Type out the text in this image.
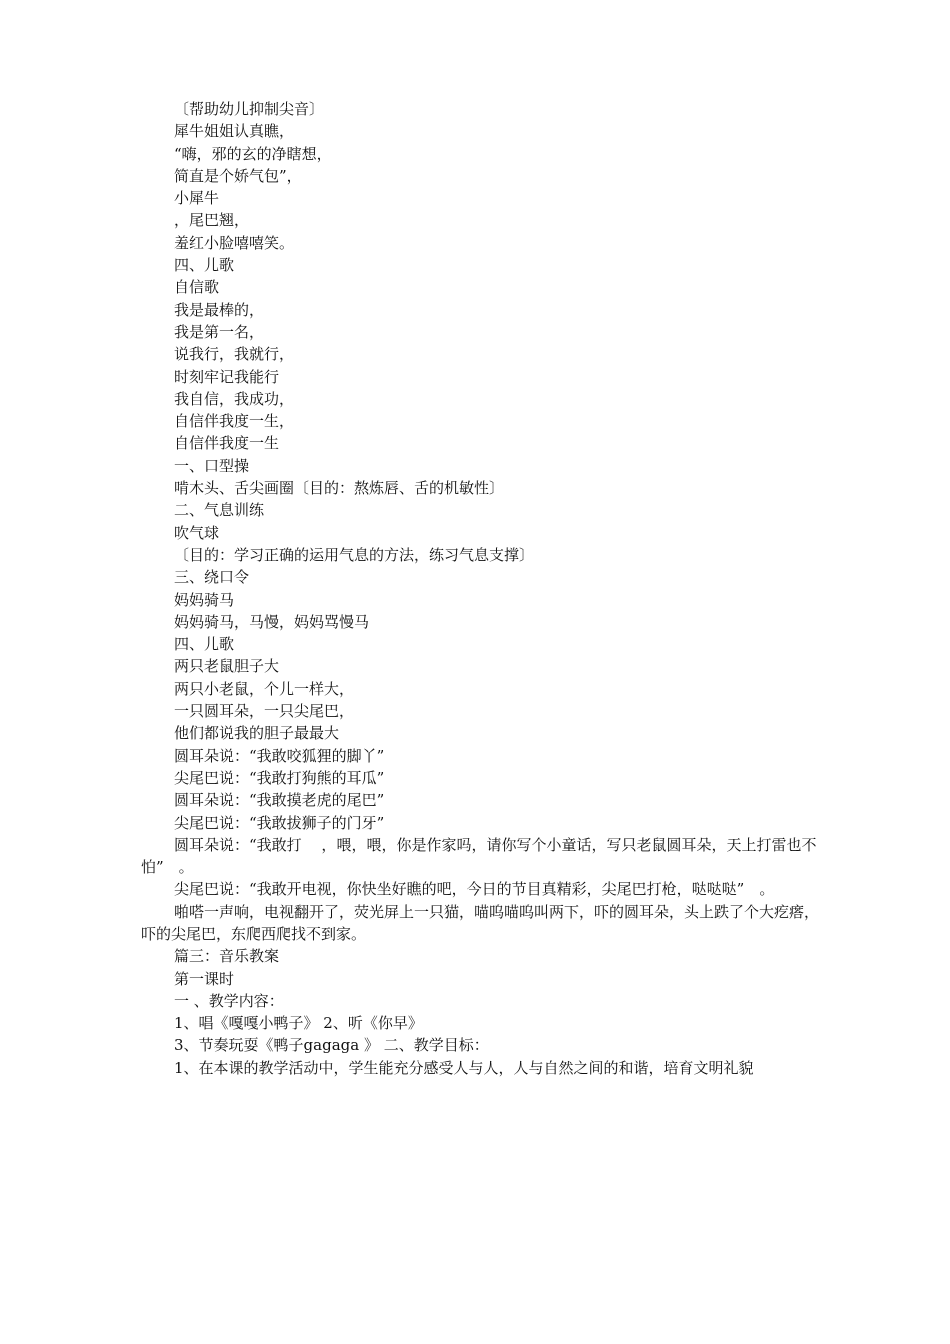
〔帮助幼儿抑制尖音〕
犀牛姐姐认真瞧，
“嗨，邪的玄的净瞎想，
简直是个娇气包”，
小犀牛
，尾巴翘，
羞红小脸嘻嘻笑。
四、儿歌
自信歌
我是最棒的，
我是第一名，
说我行，我就行，
时刻牢记我能行
我自信，我成功，
自信伴我度一生，
自信伴我度一生
一、口型操
啃木头、舌尖画圈〔目的：熬炼唇、舌的机敏性〕
二、气息训练
吹气球
〔目的：学习正确的运用气息的方法，练习气息支撑〕
三、绕口令
妈妈骑马
妈妈骑马，马慢，妈妈骂慢马
四、儿歌
两只老鼠胆子大
两只小老鼠，个儿一样大，
一只圆耳朵，一只尖尾巴，
他们都说我的胆子最最大
圆耳朵说：“我敢咬狐狸的脚丫”
尖尾巴说：“我敢打狗熊的耳瓜”
圆耳朵说：“我敢摸老虎的尾巴”
尖尾巴说：“我敢拔狮子的门牙”
圆耳朵说：“我敢打　 ，喂，喂，你是作家吗，请你写个小童话，写只老鼠圆耳朵，天上打雷也不怕”　。
尖尾巴说：“我敢开电视，你快坐好瞧的吧，今日的节目真精彩，尖尾巴打枪，哒哒哒”　。
啪嗒一声响，电视翻开了，荧光屏上一只猫，喵呜喵呜叫两下，吓的圆耳朵，头上跌了个大疙瘩，吓的尖尾巴，东爬西爬找不到家。
篇三：音乐教案
第一课时
一 、教学内容：
1、唱《嘎嘎小鸭子》 2、听《你早》
3、节奏玩耍《鸭子gagaga 》 二、教学目标：
1、在本课的教学活动中，学生能充分感受人与人，人与自然之间的和谐，培育文明礼貌
